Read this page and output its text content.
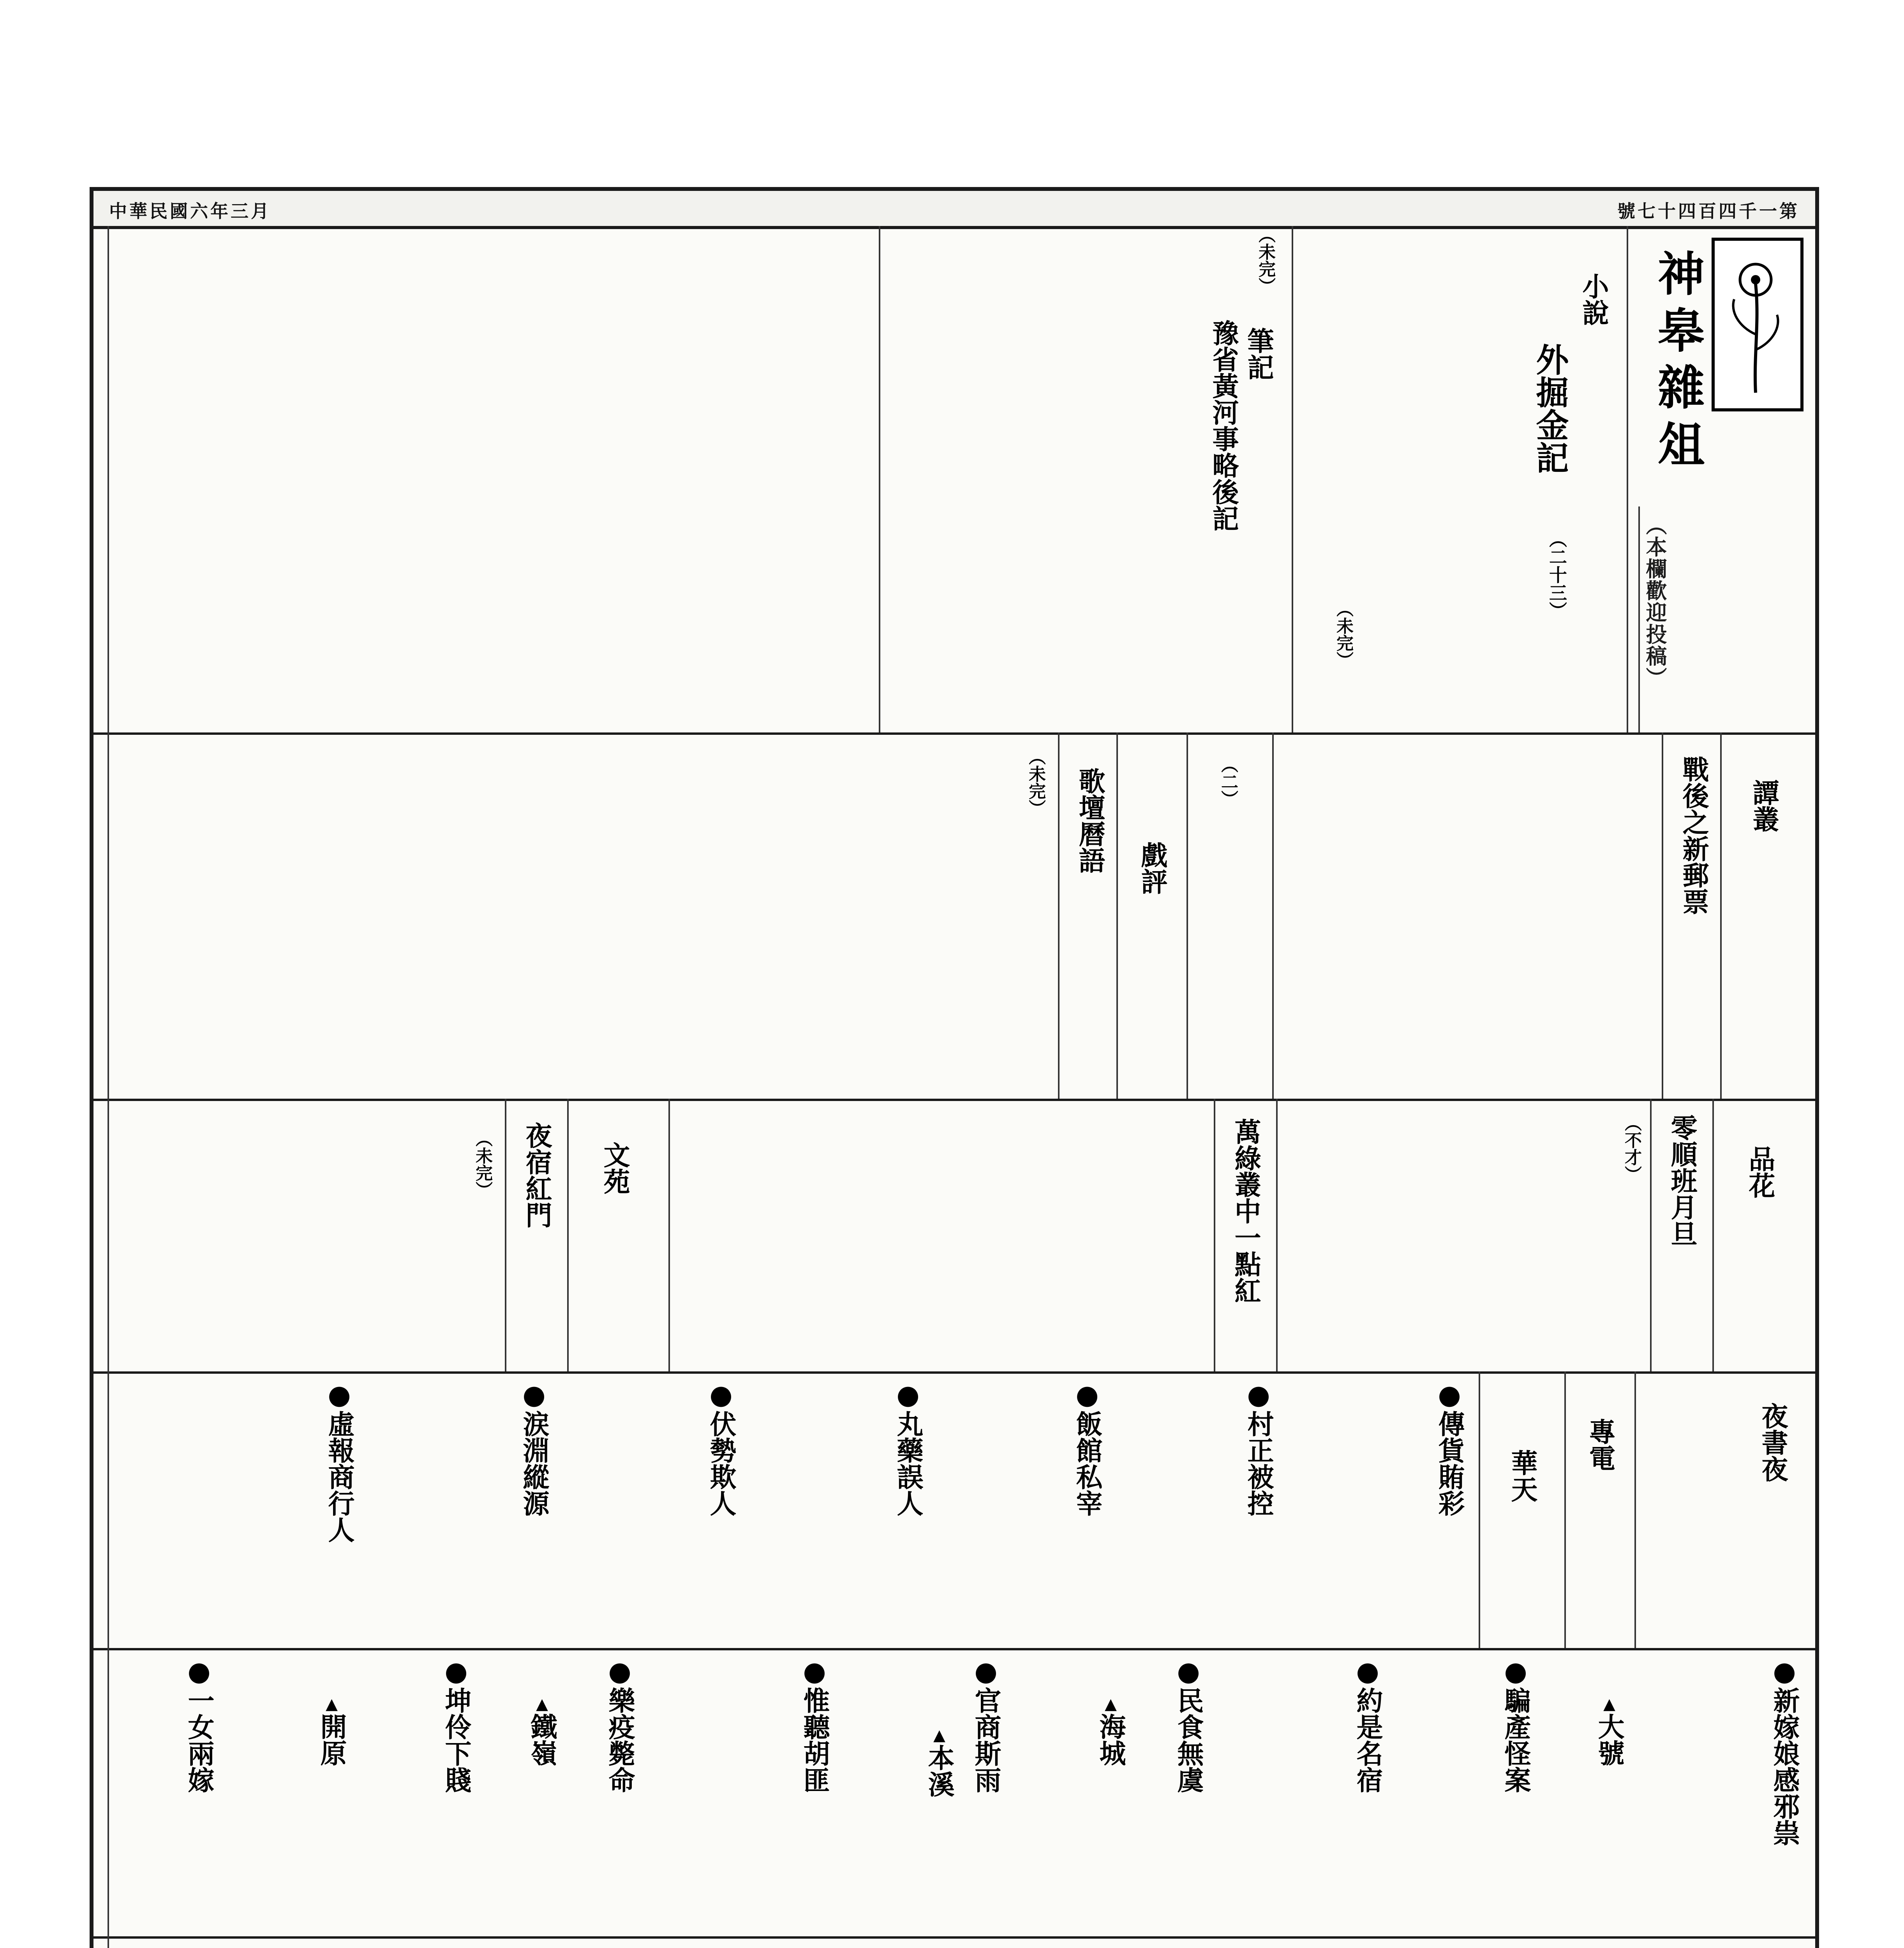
中華民國六年三月	號七十四百四千一第
神皋雜俎
（本欄歡迎投稿）
小說
外掘金記
（二十三）
（未完）
筆記
豫省黃河事略後記
（未完）
譚叢
戰後之新郵票
（二）
戲評
歌壇曆語
（未完）
品花
零順班月旦
（不才）
萬綠叢中一點紅
文苑
夜宿紅門
（未完）
夜書夜
專電
華天
● 傳貨賄彩
● 村正被控
● 飯館私宰
● 丸藥誤人
● 伏勢欺人
● 涙淵縱源
● 虛報商行人
● 新嫁娘感邪祟
▲ 大號
● 騙產怪案
● 約是名宿
● 民食無虞
▲ 海城
● 官商斯雨
▲ 本溪
● 惟聽胡匪
● 樂疫斃命
▲ 鐵嶺
● 坤伶下賤
▲ 開原
● 一女兩嫁
●
●
●
●
●
●
●
